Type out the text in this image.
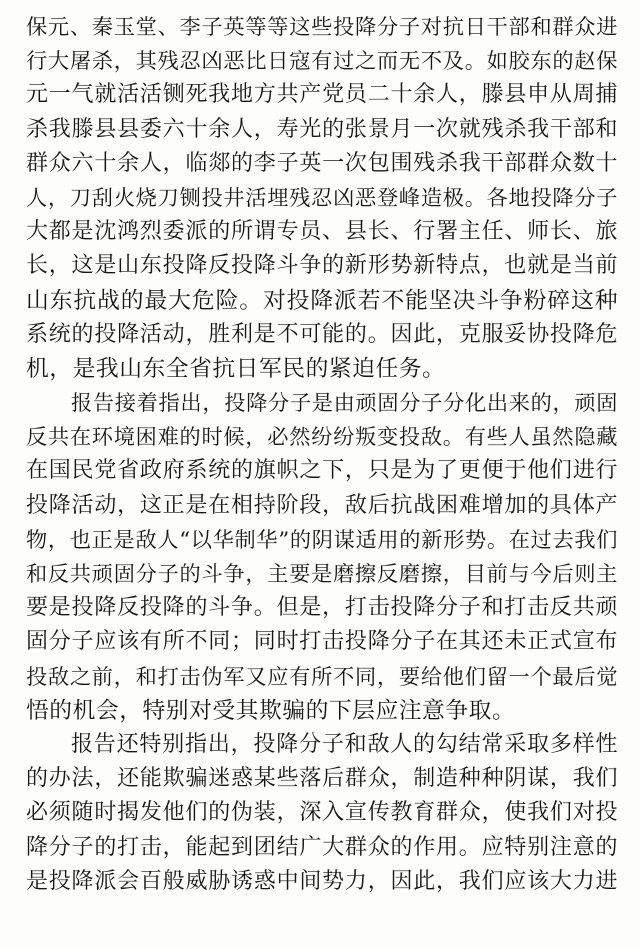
保元、秦玉堂、李子英等等这些投降分子对抗日干部和群众进
行大屠杀，其残忍凶恶比日寇有过之而无不及。如胶东的赵保
元一气就活活铡死我地方共产党员二十余人，滕县申从周捕
杀我滕县县委六十余人，寿光的张景月一次就残杀我干部和
群众六十余人，临郯的李子英一次包围残杀我干部群众数十
人，刀刮火烧刀铡投井活埋残忍凶恶登峰造极。各地投降分子
大都是沈鸿烈委派的所谓专员、县长、行署主任、师长、旅
长，这是山东投降反投降斗争的新形势新特点，也就是当前
山东抗战的最大危险。对投降派若不能坚决斗争粉碎这种
系统的投降活动，胜利是不可能的。因此，克服妥协投降危
机，是我山东全省抗日军民的紧迫任务。
报告接着指出，投降分子是由顽固分子分化出来的，顽固
反共在环境困难的时候，必然纷纷叛变投敌。有些人虽然隐藏
在国民党省政府系统的旗帜之下，只是为了更便于他们进行
投降活动，这正是在相持阶段，敌后抗战困难增加的具体产
物，也正是敌人“以华制华”的阴谋适用的新形势。在过去我们
和反共顽固分子的斗争，主要是磨擦反磨擦，目前与今后则主
要是投降反投降的斗争。但是，打击投降分子和打击反共顽
固分子应该有所不同；同时打击投降分子在其还未正式宣布
投敌之前，和打击伪军又应有所不同，要给他们留一个最后觉
悟的机会，特别对受其欺骗的下层应注意争取。
报告还特别指出，投降分子和敌人的勾结常采取多样性
的办法，还能欺骗迷惑某些落后群众，制造种种阴谋，我们
必须随时揭发他们的伪装，深入宣传教育群众，使我们对投
降分子的打击，能起到团结广大群众的作用。应特别注意的
是投降派会百般威胁诱惑中间势力，因此，我们应该大力进
